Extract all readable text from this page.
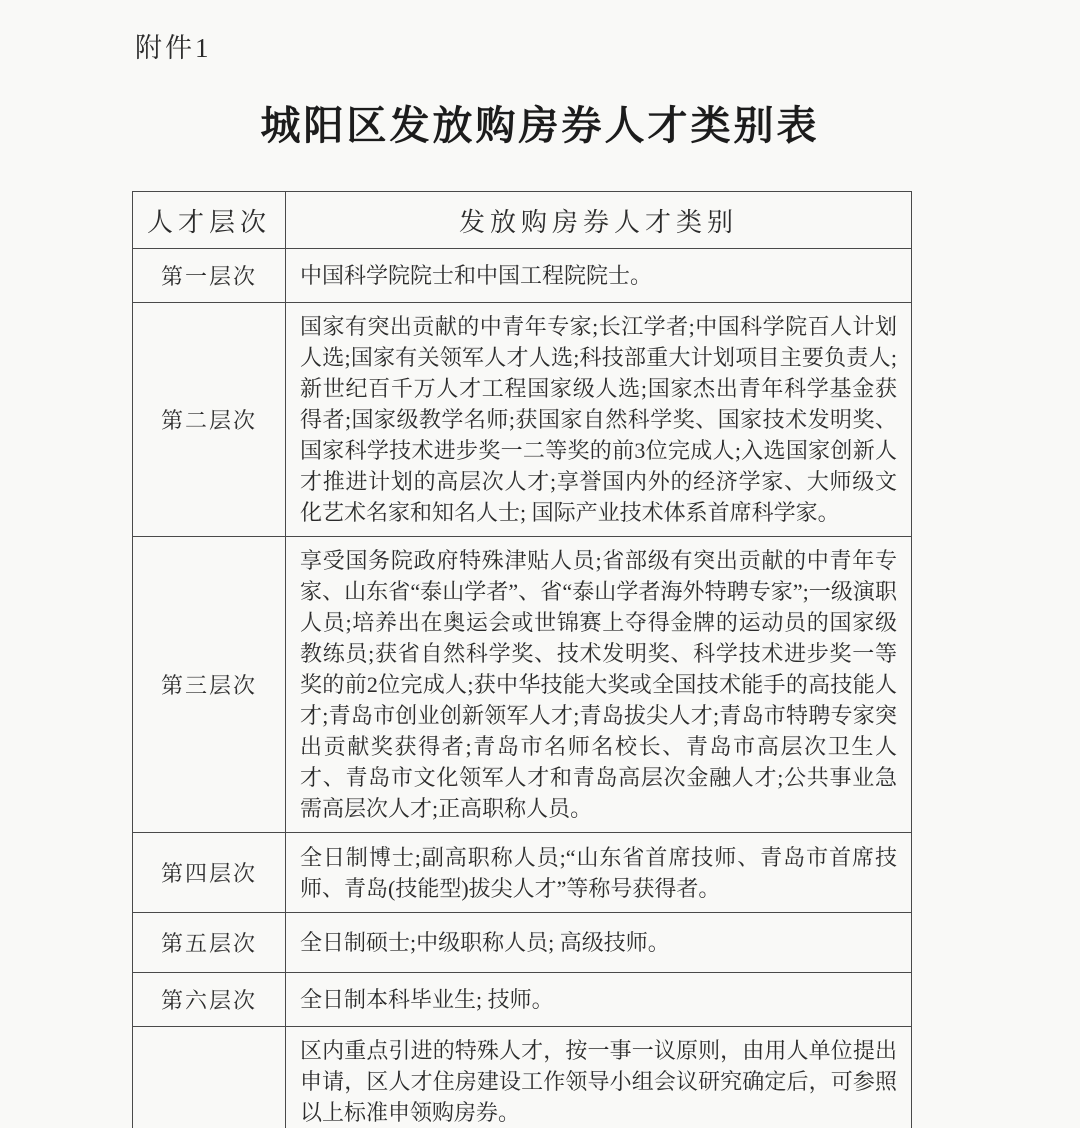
附件1
城阳区发放购房券人才类别表
人才层次	发放购房券人才类别
第一层次	中国科学院院士和中国工程院院士。
第二层次	国家有突出贡献的中青年专家;长江学者;中国科学院百人计划人选;国家有关领军人才人选;科技部重大计划项目主要负责人;新世纪百千万人才工程国家级人选;国家杰出青年科学基金获得者;国家级教学名师;获国家自然科学奖、国家技术发明奖、国家科学技术进步奖一二等奖的前3位完成人;入选国家创新人才推进计划的高层次人才;享誉国内外的经济学家、大师级文化艺术名家和知名人士; 国际产业技术体系首席科学家。
第三层次	享受国务院政府特殊津贴人员;省部级有突出贡献的中青年专家、山东省“泰山学者”、省“泰山学者海外特聘专家”;一级演职人员;培养出在奥运会或世锦赛上夺得金牌的运动员的国家级教练员;获省自然科学奖、技术发明奖、科学技术进步奖一等奖的前2位完成人;获中华技能大奖或全国技术能手的高技能人才;青岛市创业创新领军人才;青岛拔尖人才;青岛市特聘专家突出贡献奖获得者;青岛市名师名校长、青岛市高层次卫生人才、青岛市文化领军人才和青岛高层次金融人才;公共事业急需高层次人才;正高职称人员。
第四层次	全日制博士;副高职称人员;“山东省首席技师、青岛市首席技师、青岛(技能型)拔尖人才”等称号获得者。
第五层次	全日制硕士;中级职称人员; 高级技师。
第六层次	全日制本科毕业生; 技师。
	区内重点引进的特殊人才，按一事一议原则，由用人单位提出申请，区人才住房建设工作领导小组会议研究确定后，可参照以上标准申领购房券。
